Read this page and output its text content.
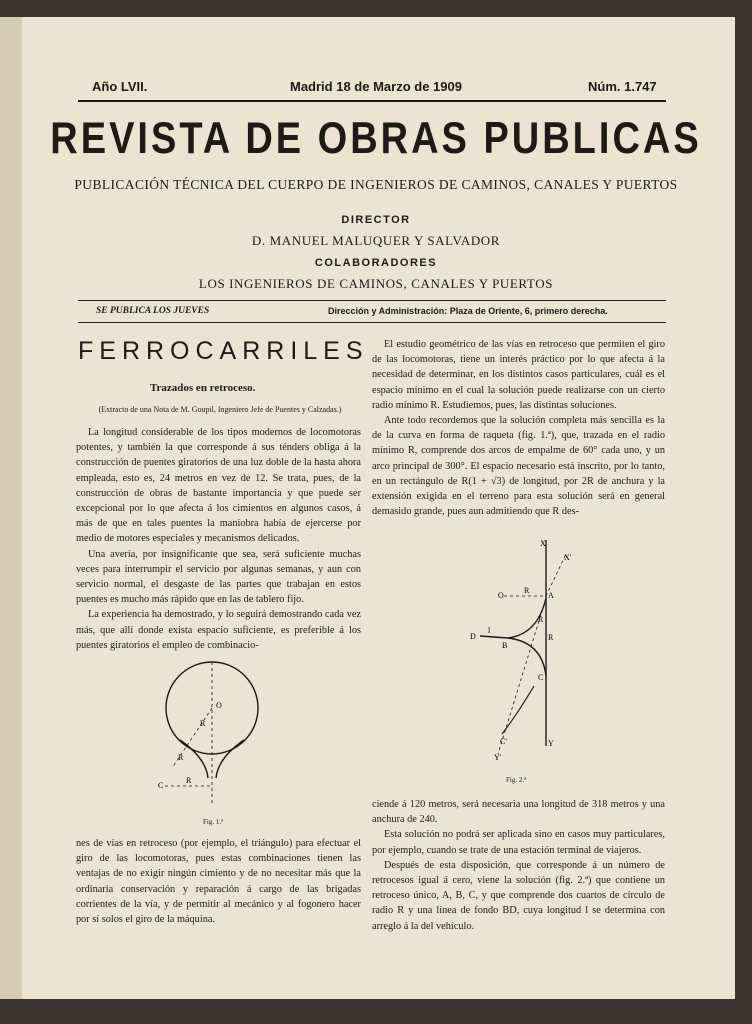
Año LVII.	Madrid 18 de Marzo de 1909	Núm. 1.747
REVISTA DE OBRAS PUBLICAS
PUBLICACIÓN TÉCNICA DEL CUERPO DE INGENIEROS DE CAMINOS, CANALES Y PUERTOS
DIRECTOR
D. MANUEL MALUQUER Y SALVADOR
COLABORADORES
LOS INGENIEROS DE CAMINOS, CANALES Y PUERTOS
SE PUBLICA LOS JUEVES	Dirección y Administración: Plaza de Oriente, 6, primero derecha.
FERROCARRILES
Trazados en retroceso.
(Extracto de una Nota de M. Goupil, Ingeniero Jefe de Puentes y Calzadas.)

La longitud considerable de los tipos modernos de locomotoras potentes, y también la que corresponde á sus ténders obliga á la construcción de puentes giratorios de una luz doble de la hasta ahora empleada, esto es, 24 metros en vez de 12. Se trata, pues, de la construcción de obras de bastante importancia y que puede ser excepcional por lo que afecta á los cimientos en algunos casos, á más de que en tales puentes la maniobra había de ejercerse por medio de motores especiales y mecanismos delicados.

Una avería, por insignificante que sea, será suficiente muchas veces para interrumpir el servicio por algunas semanas, y aun con servicio normal, el desgaste de las partes que trabajan en estos puentes es mucho más rápido que en las de tablero fijo.

La experiencia ha demostrado, y lo seguirá demostrando cada vez más, que allí donde exista espacio suficiente, es preferible á los puentes giratorios el empleo de combinacio-

O
R
R
C
R
Fig. 1.ª

nes de vías en retroceso (por ejemplo, el triángulo) para efectuar el giro de las locomotoras, pues estas combinaciones tienen las ventajas de no exigir ningún cimiento y de no necesitar más que la ordinaria conservación y reparación á cargo de las brigadas corrientes de la vía, y de permitir al mecánico y al fogonero hacer por sí solos el giro de la máquina.

El estudio geométrico de las vías en retroceso que permiten el giro de las locomotoras, tiene un interés práctico por lo que afecta á la necesidad de determinar, en los distintos casos particulares, cuál es el espacio mínimo en el cual la solución puede realizarse con un cierto radio mínimo R. Estudiemos, pues, las distintas soluciones.

Ante todo recordemos que la solución completa más sencilla es la de la curva en forma de raqueta (fig. 1.ª), que, trazada en el radio mínimo R, comprende dos arcos de empalme de 60° cada uno, y un arco principal de 300°. El espacio necesario está inscrito, por lo tanto, en un rectángulo de R(1 + √3) de longitud, por 2R de anchura y la extensión exigida en el terreno para esta solución será en general demasido grande, pues aun admitiendo que R des-

X
X'
O
R
A
D
l
B
R
R
C
C'	Y
Y'
Fig. 2.ª

ciende á 120 metros, será necesaria una longitud de 318 metros y una anchura de 240.

Esta solución no podrá ser aplicada sino en casos muy particulares, por ejemplo, cuando se trate de una estación terminal de viajeros.

Después de esta disposición, que corresponde á un número de retrocesos igual á cero, viene la solución (fig. 2.ª) que contiene un retroceso único, A, B, C, y que comprende dos cuartos de círculo de radio R y una línea de fondo BD, cuya longitud l se determina con arreglo á la del vehículo.
